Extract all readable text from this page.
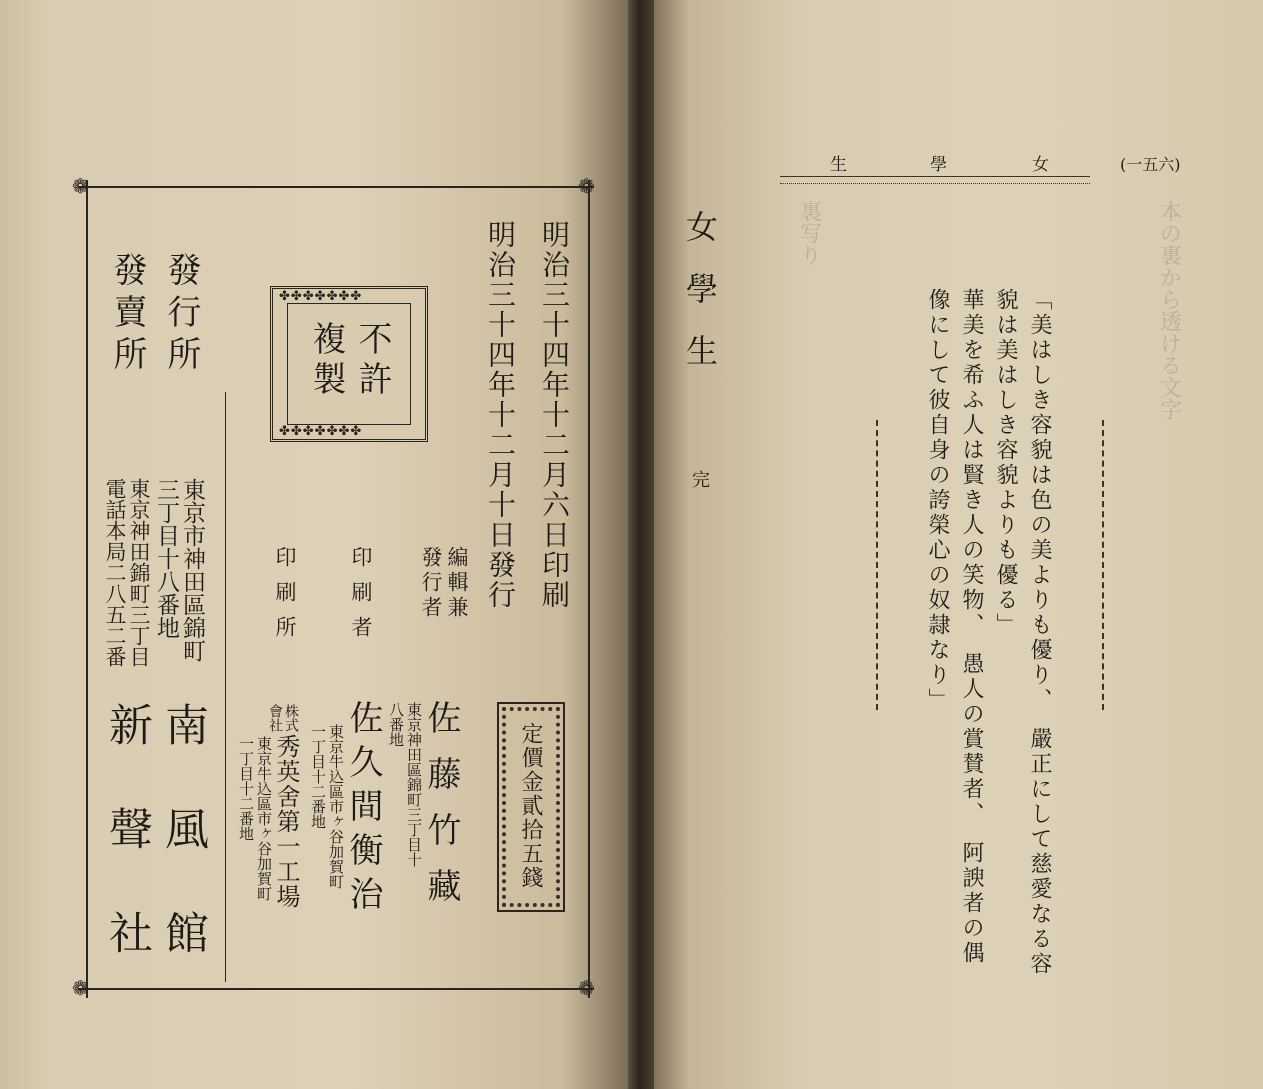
❁	❁
❁	❁
明治三十四年十二月六日印刷
明治三十四年十二月十日發行
✤✤✤✤✤✤✤
✤✤✤✤✤✤✤
不許
複製
定價金貳拾五錢
編輯兼
發行者
東京神田區錦町三丁目十
八番地 佐藤竹藏
印刷者
東京牛込區市ヶ谷加賀町
一丁目十二番地 佐久間衡治
印刷所
株式
會社
東京牛込區市ヶ谷加賀町
一丁目十二番地 秀英舍第一工場
發行所
發賣所
東京市神田區錦町
三丁目十八番地
東京神田錦町三丁目
電話本局二八五二番
南風館
新聲社
女
學
生	(一五六)
本の裏から透ける文字
裏写り
女學生
完	「美はしき容貌は色の美よりも優り、　嚴正にして慈愛なる容
貌は美はしき容貌よりも優る」
華美を希ふ人は賢き人の笑物、　愚人の賞賛者、　阿諛者の偶
像にして彼自身の誇榮心の奴隷なり」
